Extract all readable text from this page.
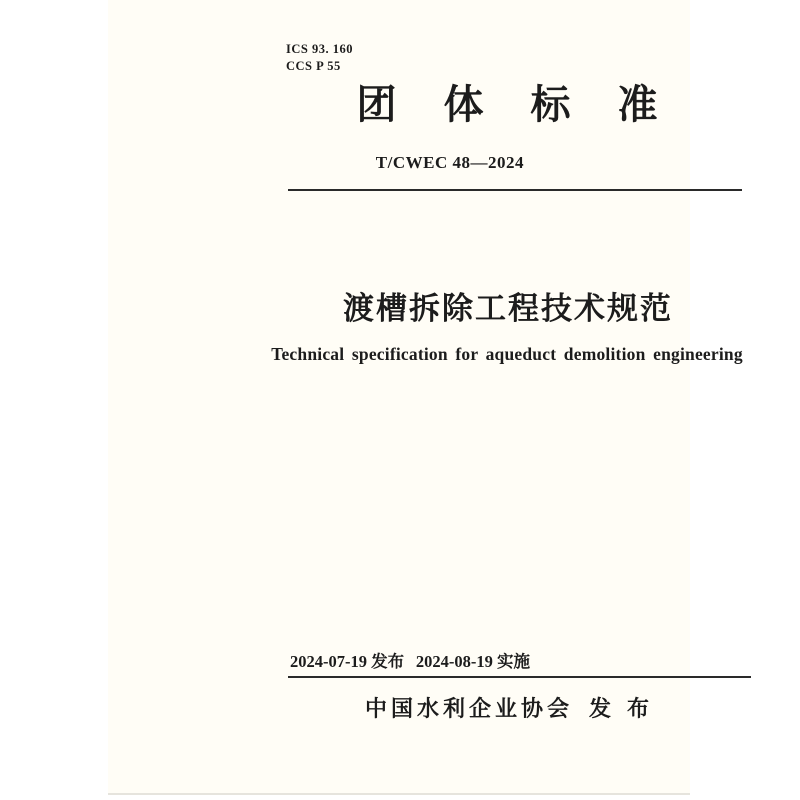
ICS 93. 160
CCS P 55
团体标准
T/CWEC 48—2024
渡槽拆除工程技术规范
Technical specification for aqueduct demolition engineering
2024-07-19 发布 2024-08-19 实施
中国水利企业协会 发布
